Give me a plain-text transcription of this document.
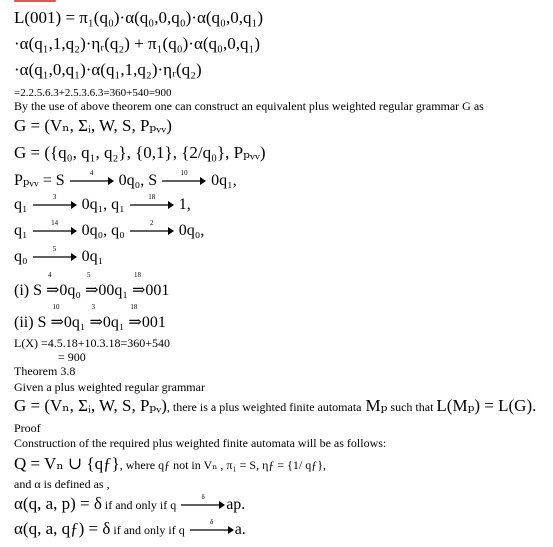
L(001) = π₁(q₀)·α(q₀,0,q₀)·α(q₀,0,q₁)
·α(q₁,1,q₂)·ηᵣ(q₂) + π₁(q₀)·α(q₀,0,q₁)
·α(q₁,0,q₁)·α(q₁,1,q₂)·ηᵣ(q₂)
=2.2.5.6.3+2.5.3.6.3=360+540=900
By the use of above theorem one can construct an equivalent plus weighted regular grammar G as
G = (Vₙ, Σᵢ, W, S, Pₚᵥᵥ)
G = ({q₀, q₁, q₂}, {0,1}, {2/q₀}, Pₚᵥᵥ)
Pₚᵥᵥ = S	4	0q₀, S	10	0q₁,
q₁	3	0q₁, q₁	18	1,
q₁	14	0q₀, q₀	2	0q₀,
q₀	5	0q₁
(i) S
4
⇒0q₀
5
⇒00q₁
18
⇒001
(ii) S
10
⇒0q₁
3
⇒0q₁
18
⇒001
L(X) =4.5.18+10.3.18=360+540
= 900
Theorem 3.8
Given a plus weighted regular grammar
G = (Vₙ, Σᵢ, W, S, Pₚᵥ), there is a plus weighted finite automata Mₚ such that L(Mₚ) = L(G).
Proof
Construction of the required plus weighted finite automata will be as follows:
Q = Vₙ ∪ {qƒ}, where qƒ not in Vₙ , π₁ = S, ηƒ = {1/ qƒ},
and α is defined as ,
α(q, a, p) = δ if and only if q
δ	ap.
α(q, a, qƒ) = δ if and only if q
δ	a.
